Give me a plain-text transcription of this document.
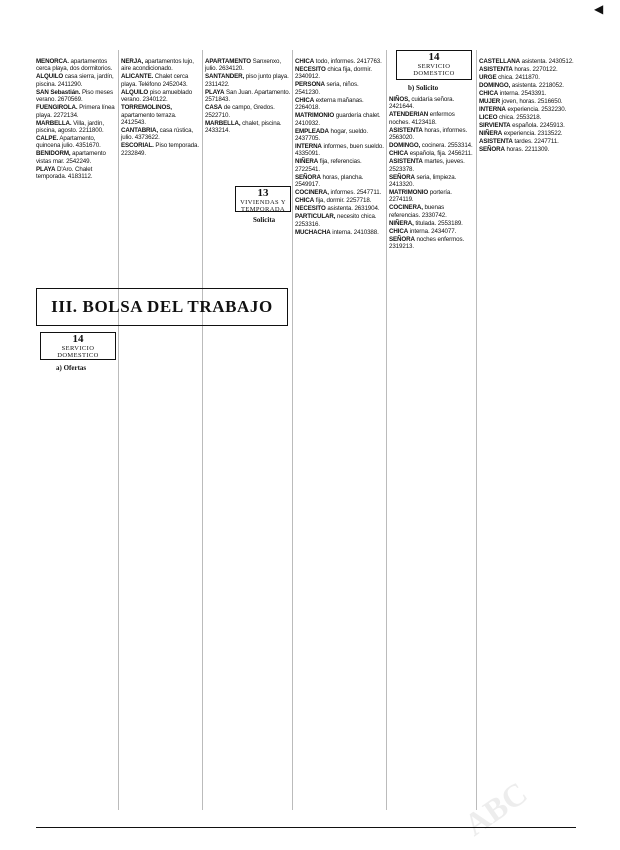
◀
III. BOLSA DEL TRABAJO
13
VIVIENDAS Y TEMPORADA
Solicita
14
SERVICIO DOMESTICO
a) Ofertas
14
SERVICIO DOMESTICO
b) Solicito

MENORCA. apartamentos cerca playa, dos dormitorios.

ALQUILO casa sierra, jardín, piscina. 2411290.

SAN Sebastián. Piso meses verano. 2670569.

FUENGIROLA. Primera línea playa. 2272134.

MARBELLA. Villa, jardín, piscina, agosto. 2211800.

CALPE. Apartamento, quincena julio. 4351670.

BENIDORM, apartamento vistas mar. 2542249.

PLAYA D'Aro. Chalet temporada. 4183112.

NERJA, apartamentos lujo, aire acondicionado.

ALICANTE. Chalet cerca playa. Teléfono 2452043.

ALQUILO piso amueblado verano. 2340122.

TORREMOLINOS, apartamento terraza. 2412543.

CANTABRIA, casa rústica, julio. 4373622.

ESCORIAL. Piso temporada. 2232849.

APARTAMENTO Sanxenxo, julio. 2634120.

SANTANDER, piso junto playa. 2311422.

PLAYA San Juan. Apartamento. 2571843.

CASA de campo, Gredos. 2522710.

MARBELLA, chalet, piscina. 2433214.

CHICA todo, informes. 2417763.

NECESITO chica fija, dormir. 2340912.

PERSONA seria, niños. 2541230.

CHICA externa mañanas. 2264018.

MATRIMONIO guardería chalet. 2410932.

EMPLEADA hogar, sueldo. 2437705.

INTERNA informes, buen sueldo. 4335091.

NIÑERA fija, referencias. 2722541.

SEÑORA horas, plancha. 2549917.

COCINERA, informes. 2547711.

CHICA fija, dormir. 2257718.

NECESITO asistenta. 2631904.

PARTICULAR, necesito chica. 2253316.

MUCHACHA interna. 2410388.

NIÑOS, cuidaría señora. 2421644.

ATENDERIAN enfermos noches. 4123418.

ASISTENTA horas, informes. 2563020.

DOMINGO, cocinera. 2553314.

CHICA española, fija. 2456211.

ASISTENTA martes, jueves. 2523378.

SEÑORA seria, limpieza. 2413320.

MATRIMONIO portería. 2274119.

COCINERA, buenas referencias. 2330742.

NIÑERA, titulada. 2553189.

CHICA interna. 2434077.

SEÑORA noches enfermos. 2319213.

CASTELLANA asistenta. 2430512.

ASISTENTA horas. 2270122.

URGE chica. 2411870.

DOMINGO, asistenta. 2218052.

CHICA interna. 2543391.

MUJER joven, horas. 2516650.

INTERNA experiencia. 2532230.

LICEO chica. 2553218.

SIRVIENTA española. 2245913.

NIÑERA experiencia. 2313522.

ASISTENTA tardes. 2247711.

SEÑORA horas. 2211309.

ABC
